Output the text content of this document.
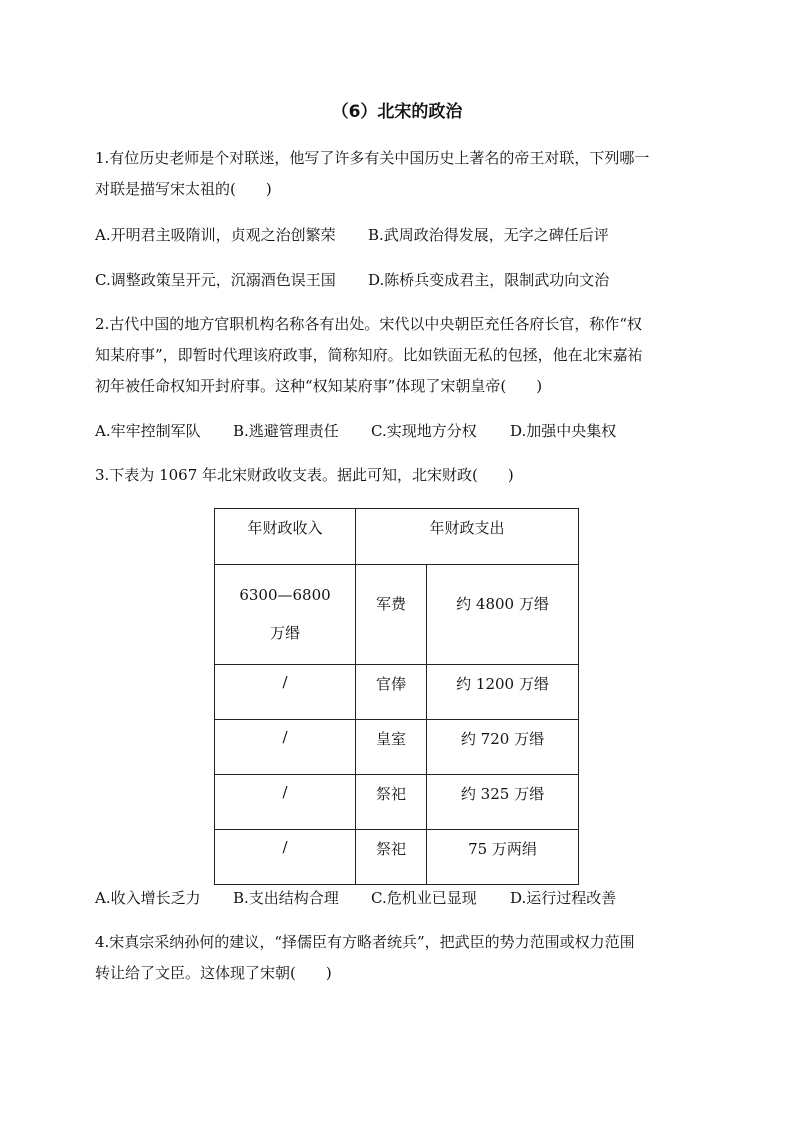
（6）北宋的政治
1.有位历史老师是个对联迷，他写了许多有关中国历史上著名的帝王对联，下列哪一
对联是描写宋太祖的(　　)
A.开明君主吸隋训，贞观之治创繁荣 B.武周政治得发展，无字之碑任后评
C.调整政策呈开元，沉溺酒色误王国 D.陈桥兵变成君主，限制武功向文治
2.古代中国的地方官职机构名称各有出处。宋代以中央朝臣充任各府长官，称作“权
知某府事”，即暂时代理该府政事，简称知府。比如铁面无私的包拯，他在北宋嘉祐
初年被任命权知开封府事。这种“权知某府事”体现了宋朝皇帝(　　)
A.牢牢控制军队 B.逃避管理责任 C.实现地方分权 D.加强中央集权
3.下表为 1067 年北宋财政收支表。据此可知，北宋财政(　　)
年财政收入	年财政支出	

6300—6800
万缗	军费	约 4800 万缗
/	官俸	约 1200 万缗
/	皇室	约 720 万缗
/	祭祀	约 325 万缗
/	祭祀	75 万两绢
A.收入增长乏力 B.支出结构合理 C.危机业已显现 D.运行过程改善
4.宋真宗采纳孙何的建议，“择儒臣有方略者统兵”，把武臣的势力范围或权力范围
转让给了文臣。这体现了宋朝(　　)
